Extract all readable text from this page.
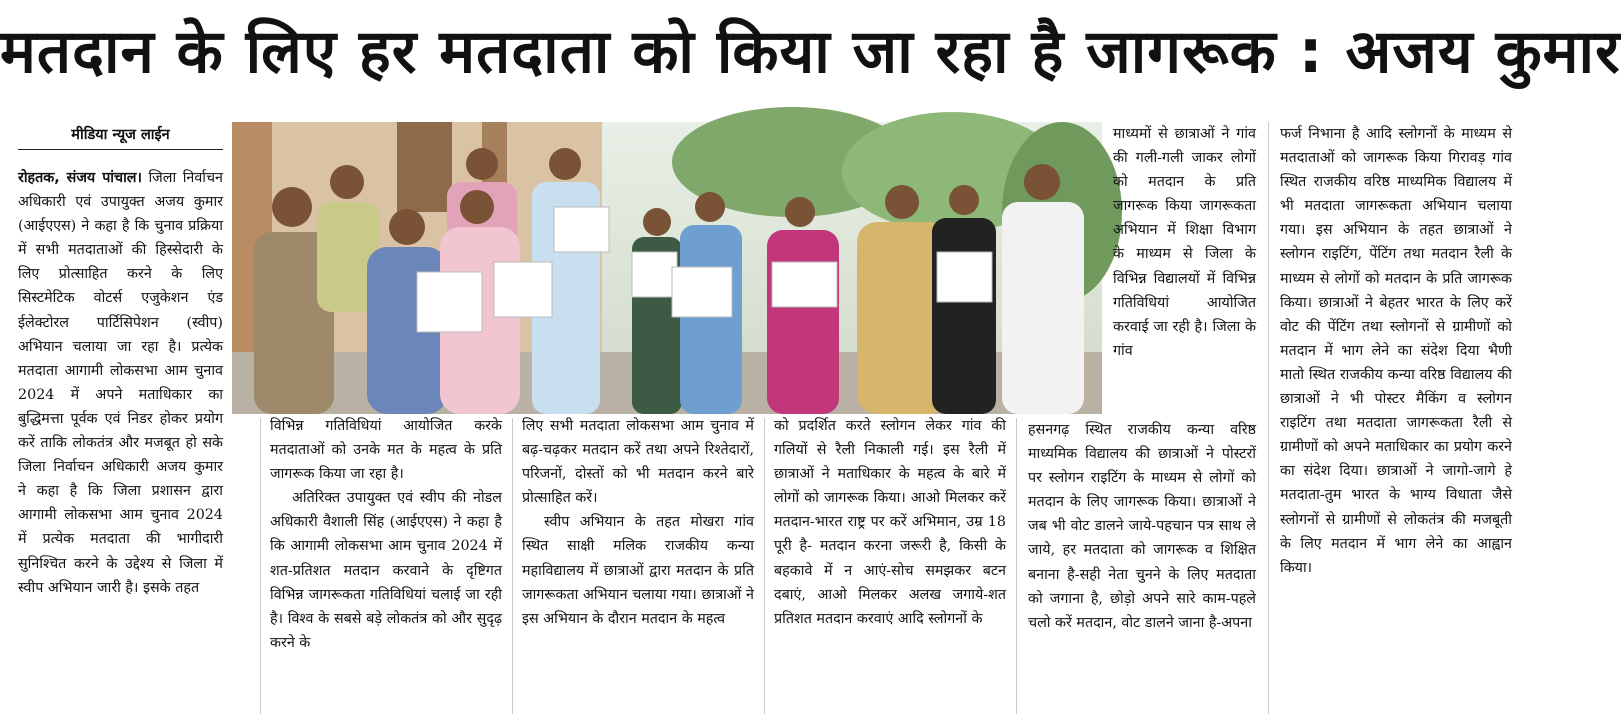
मतदान के लिए हर मतदाता को किया जा रहा है जागरूक : अजय कुमार
मीडिया न्यूज लाईन

रोहतक, संजय पांचाल। जिला निर्वाचन अधिकारी एवं उपायुक्त अजय कुमार (आईएएस) ने कहा है कि चुनाव प्रक्रिया में सभी मतदाताओं की हिस्सेदारी के लिए प्रोत्साहित करने के लिए सिस्टमेटिक वोटर्स एजुकेशन एंड ईलेक्टोरल पार्टिसिपेशन (स्वीप) अभियान चलाया जा रहा है। प्रत्येक मतदाता आगामी लोकसभा आम चुनाव 2024 में अपने मताधिकार का बुद्धिमत्ता पूर्वक एवं निडर होकर प्रयोग करें ताकि लोकतंत्र और मजबूत हो सके जिला निर्वाचन अधिकारी अजय कुमार ने कहा है कि जिला प्रशासन द्वारा आगामी लोकसभा आम चुनाव 2024 में प्रत्येक मतदाता की भागीदारी सुनिश्चित करने के उद्देश्य से जिला में स्वीप अभियान जारी है। इसके तहत

विभिन्न गतिविधियां आयोजित करके मतदाताओं को उनके मत के महत्व के प्रति जागरूक किया जा रहा है।

अतिरिक्त उपायुक्त एवं स्वीप की नोडल अधिकारी वैशाली सिंह (आईएएस) ने कहा है कि आगामी लोकसभा आम चुनाव 2024 में शत-प्रतिशत मतदान करवाने के दृष्टिगत विभिन्न जागरूकता गतिविधियां चलाई जा रही है। विश्व के सबसे बड़े लोकतंत्र को और सुदृढ़ करने के

लिए सभी मतदाता लोकसभा आम चुनाव में बढ़-चढ़कर मतदान करें तथा अपने रिश्तेदारों, परिजनों, दोस्तों को भी मतदान करने बारे प्रोत्साहित करें।

स्वीप अभियान के तहत मोखरा गांव स्थित साक्षी मलिक राजकीय कन्या महाविद्यालय में छात्राओं द्वारा मतदान के प्रति जागरूकता अभियान चलाया गया। छात्राओं ने इस अभियान के दौरान मतदान के महत्व

को प्रदर्शित करते स्लोगन लेकर गांव की गलियों से रैली निकाली गई। इस रैली में छात्राओं ने मताधिकार के महत्व के बारे में लोगों को जागरूक किया। आओ मिलकर करें मतदान-भारत राष्ट्र पर करें अभिमान, उम्र 18 पूरी है- मतदान करना जरूरी है, किसी के बहकावे में न आएं-सोच समझकर बटन दबाएं, आओ मिलकर अलख जगाये-शत प्रतिशत मतदान करवाएं आदि स्लोगनों के

माध्यमों से छात्राओं ने गांव की गली-गली जाकर लोगों को मतदान के प्रति जागरूक किया जागरूकता अभियान में शिक्षा विभाग के माध्यम से जिला के विभिन्न विद्यालयों में विभिन्न गतिविधियां आयोजित करवाई जा रही है। जिला के गांव

हसनगढ़ स्थित राजकीय कन्या वरिष्ठ माध्यमिक विद्यालय की छात्राओं ने पोस्टरों पर स्लोगन राइटिंग के माध्यम से लोगों को मतदान के लिए जागरूक किया। छात्राओं ने जब भी वोट डालने जाये-पहचान पत्र साथ ले जाये, हर मतदाता को जागरूक व शिक्षित बनाना है-सही नेता चुनने के लिए मतदाता को जगाना है, छोड़ो अपने सारे काम-पहले चलो करें मतदान, वोट डालने जाना है-अपना

फर्ज निभाना है आदि स्लोगनों के माध्यम से मतदाताओं को जागरूक किया गिरावड़ गांव स्थित राजकीय वरिष्ठ माध्यमिक विद्यालय में भी मतदाता जागरूकता अभियान चलाया गया। इस अभियान के तहत छात्राओं ने स्लोगन राइटिंग, पेंटिंग तथा मतदान रैली के माध्यम से लोगों को मतदान के प्रति जागरूक किया। छात्राओं ने बेहतर भारत के लिए करें वोट की पेंटिंग तथा स्लोगनों से ग्रामीणों को मतदान में भाग लेने का संदेश दिया भैणी मातो स्थित राजकीय कन्या वरिष्ठ विद्यालय की छात्राओं ने भी पोस्टर मैकिंग व स्लोगन राइटिंग तथा मतदाता जागरूकता रैली से ग्रामीणों को अपने मताधिकार का प्रयोग करने का संदेश दिया। छात्राओं ने जागो-जागे हे मतदाता-तुम भारत के भाग्य विधाता जैसे स्लोगनों से ग्रामीणों से लोकतंत्र की मजबूती के लिए मतदान में भाग लेने का आह्वान किया।
